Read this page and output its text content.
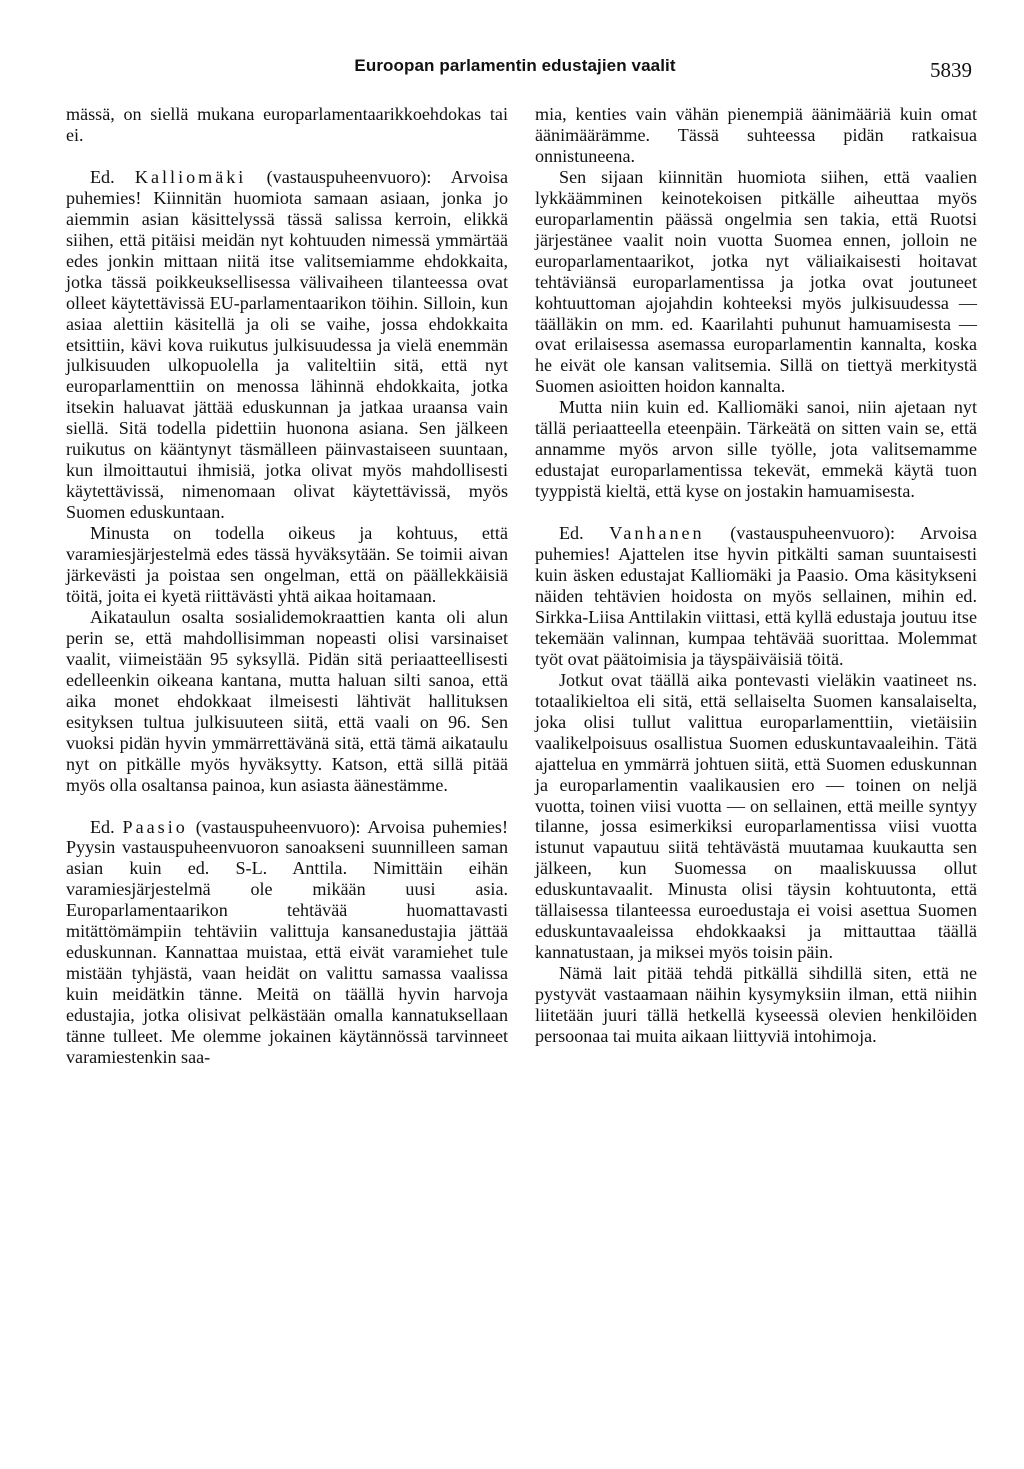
Euroopan parlamentin edustajien vaalit	5839

mässä, on siellä mukana europarlamentaarikkoehdokas tai ei.

Ed. Kalliomäki (vastauspuheenvuoro): Arvoisa puhemies! Kiinnitän huomiota samaan asiaan, jonka jo aiemmin asian käsittelyssä tässä salissa kerroin, elikkä siihen, että pitäisi meidän nyt kohtuuden nimessä ymmärtää edes jonkin mittaan niitä itse valitsemiamme ehdokkaita, jotka tässä poikkeuksellisessa välivaiheen tilanteessa ovat olleet käytettävissä EU-parlamentaarikon töihin. Silloin, kun asiaa alettiin käsitellä ja oli se vaihe, jossa ehdokkaita etsittiin, kävi kova ruikutus julkisuudessa ja vielä enemmän julkisuuden ulkopuolella ja valiteltiin sitä, että nyt europarlamenttiin on menossa lähinnä ehdokkaita, jotka itsekin haluavat jättää eduskunnan ja jatkaa uraansa vain siellä. Sitä todella pidettiin huonona asiana. Sen jälkeen ruikutus on kääntynyt täsmälleen päinvastaiseen suuntaan, kun ilmoittautui ihmisiä, jotka olivat myös mahdollisesti käytettävissä, nimenomaan olivat käytettävissä, myös Suomen eduskuntaan.

Minusta on todella oikeus ja kohtuus, että varamiesjärjestelmä edes tässä hyväksytään. Se toimii aivan järkevästi ja poistaa sen ongelman, että on päällekkäisiä töitä, joita ei kyetä riittävästi yhtä aikaa hoitamaan.

Aikataulun osalta sosialidemokraattien kanta oli alun perin se, että mahdollisimman nopeasti olisi varsinaiset vaalit, viimeistään 95 syksyllä. Pidän sitä periaatteellisesti edelleenkin oikeana kantana, mutta haluan silti sanoa, että aika monet ehdokkaat ilmeisesti lähtivät hallituksen esityksen tultua julkisuuteen siitä, että vaali on 96. Sen vuoksi pidän hyvin ymmärrettävänä sitä, että tämä aikataulu nyt on pitkälle myös hyväksytty. Katson, että sillä pitää myös olla osaltansa painoa, kun asiasta äänestämme.

Ed. Paasio (vastauspuheenvuoro): Arvoisa puhemies! Pyysin vastauspuheenvuoron sanoakseni suunnilleen saman asian kuin ed. S-L. Anttila. Nimittäin eihän varamiesjärjestelmä ole mikään uusi asia. Europarlamentaarikon tehtävää huomattavasti mitättömämpiin tehtäviin valittuja kansanedustajia jättää eduskunnan. Kannattaa muistaa, että eivät varamiehet tule mistään tyhjästä, vaan heidät on valittu samassa vaalissa kuin meidätkin tänne. Meitä on täällä hyvin harvoja edustajia, jotka olisivat pelkästään omalla kannatuksellaan tänne tulleet. Me olemme jokainen käytännössä tarvinneet varamiestenkin saa-

mia, kenties vain vähän pienempiä äänimääriä kuin omat äänimäärämme. Tässä suhteessa pidän ratkaisua onnistuneena.

Sen sijaan kiinnitän huomiota siihen, että vaalien lykkäämminen keinotekoisen pitkälle aiheuttaa myös europarlamentin päässä ongelmia sen takia, että Ruotsi järjestänee vaalit noin vuotta Suomea ennen, jolloin ne europarlamentaarikot, jotka nyt väliaikaisesti hoitavat tehtäviänsä europarlamentissa ja jotka ovat joutuneet kohtuuttoman ajojahdin kohteeksi myös julkisuudessa — täälläkin on mm. ed. Kaarilahti puhunut hamuamisesta — ovat erilaisessa asemassa europarlamentin kannalta, koska he eivät ole kansan valitsemia. Sillä on tiettyä merkitystä Suomen asioitten hoidon kannalta.

Mutta niin kuin ed. Kalliomäki sanoi, niin ajetaan nyt tällä periaatteella eteenpäin. Tärkeätä on sitten vain se, että annamme myös arvon sille työlle, jota valitsemamme edustajat europarlamentissa tekevät, emmekä käytä tuon tyyppistä kieltä, että kyse on jostakin hamuamisesta.

Ed. Vanhanen (vastauspuheenvuoro): Arvoisa puhemies! Ajattelen itse hyvin pitkälti saman suuntaisesti kuin äsken edustajat Kalliomäki ja Paasio. Oma käsitykseni näiden tehtävien hoidosta on myös sellainen, mihin ed. Sirkka-Liisa Anttilakin viittasi, että kyllä edustaja joutuu itse tekemään valinnan, kumpaa tehtävää suorittaa. Molemmat työt ovat päätoimisia ja täyspäiväisiä töitä.

Jotkut ovat täällä aika pontevasti vieläkin vaatineet ns. totaalikieltoa eli sitä, että sellaiselta Suomen kansalaiselta, joka olisi tullut valittua europarlamenttiin, vietäisiin vaalikelpoisuus osallistua Suomen eduskuntavaaleihin. Tätä ajattelua en ymmärrä johtuen siitä, että Suomen eduskunnan ja europarlamentin vaalikausien ero — toinen on neljä vuotta, toinen viisi vuotta — on sellainen, että meille syntyy tilanne, jossa esimerkiksi europarlamentissa viisi vuotta istunut vapautuu siitä tehtävästä muutamaa kuukautta sen jälkeen, kun Suomessa on maaliskuussa ollut eduskuntavaalit. Minusta olisi täysin kohtuutonta, että tällaisessa tilanteessa euroedustaja ei voisi asettua Suomen eduskuntavaaleissa ehdokkaaksi ja mittauttaa täällä kannatustaan, ja miksei myös toisin päin.

Nämä lait pitää tehdä pitkällä sihdillä siten, että ne pystyvät vastaamaan näihin kysymyksiin ilman, että niihin liitetään juuri tällä hetkellä kyseessä olevien henkilöiden persoonaa tai muita aikaan liittyviä intohimoja.
